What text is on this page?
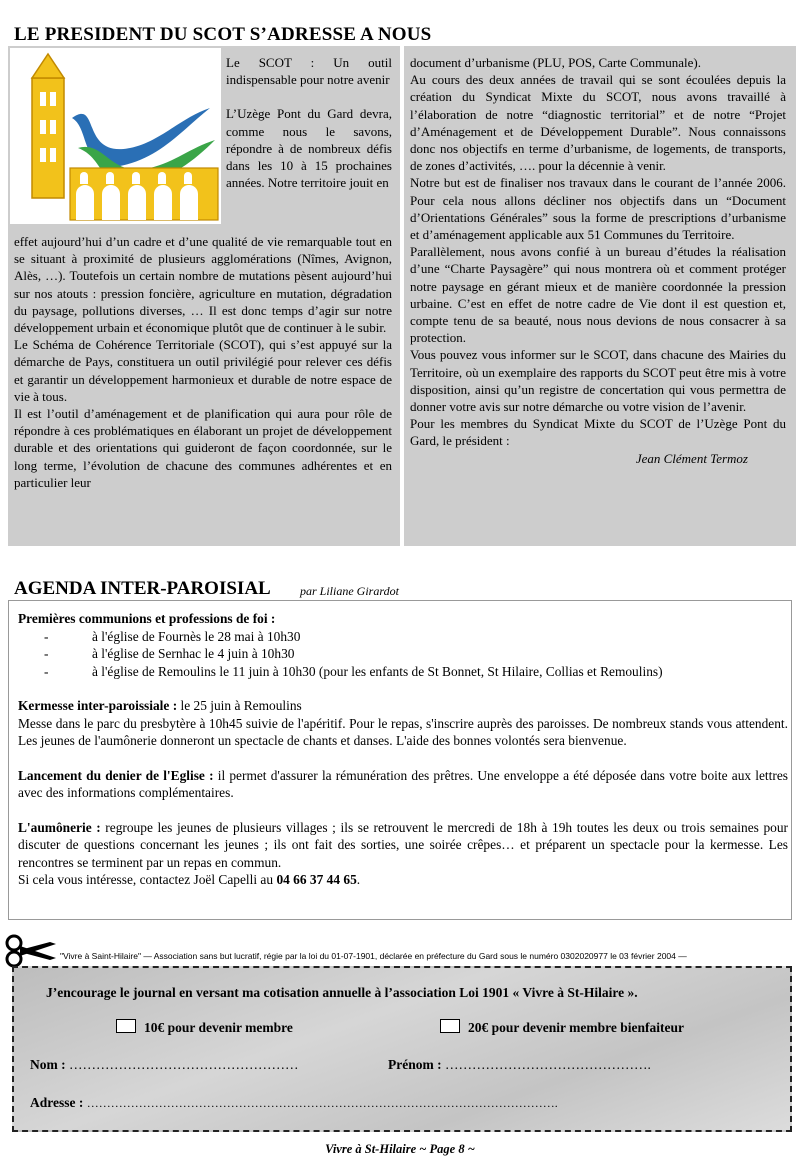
LE PRESIDENT DU SCOT S’ADRESSE A NOUS

Le SCOT : Un outil indispensable pour notre avenir

L’Uzège Pont du Gard devra, comme nous le savons, répondre à de nombreux défis dans les 10 à 15 prochaines années. Notre territoire jouit en

effet aujourd’hui d’un cadre et d’une qualité de vie remarquable tout en se situant à proximité de plusieurs agglomérations (Nîmes, Avignon, Alès, …). Toutefois un certain nombre de mutations pèsent aujourd’hui sur nos atouts : pression foncière, agriculture en mutation, dégradation du paysage, pollutions diverses, … Il est donc temps d’agir sur notre développement urbain et économique plutôt que de continuer à le subir.

Le Schéma de Cohérence Territoriale (SCOT), qui s’est appuyé sur la démarche de Pays, constituera un outil privilégié pour relever ces défis et garantir un développement harmonieux et durable de notre espace de vie à tous.

Il est l’outil d’aménagement et de planification qui aura pour rôle de répondre à ces problématiques en élaborant un projet de développement durable et des orientations qui guideront de façon coordonnée, sur le long terme, l’évolution de chacune des communes adhérentes et en particulier leur

document d’urbanisme (PLU, POS, Carte Communale).

Au cours des deux années de travail qui se sont écoulées depuis la création du Syndicat Mixte du SCOT, nous avons travaillé à l’élaboration de notre “diagnostic territorial” et de notre “Projet d’Aménagement et de Développement Durable”. Nous connaissons donc nos objectifs en terme d’urbanisme, de logements, de transports, de zones d’activités, …. pour la décennie à venir.

Notre but est de finaliser nos travaux dans le courant de l’année 2006. Pour cela nous allons décliner nos objectifs dans un “Document d’Orientations Générales” sous la forme de prescriptions d’urbanisme et d’aménagement applicable aux 51 Communes du Territoire.

Parallèlement, nous avons confié à un bureau d’études la réalisation d’une “Charte Paysagère” qui nous montrera où et comment protéger notre paysage en gérant mieux et de manière coordonnée la pression urbaine. C’est en effet de notre cadre de Vie dont il est question et, compte tenu de sa beauté, nous nous devions de nous consacrer à sa protection.

Vous pouvez vous informer sur le SCOT, dans chacune des Mairies du Territoire, où un exemplaire des rapports du SCOT peut être mis à votre disposition, ainsi qu’un registre de concertation qui vous permettra de donner votre avis sur notre démarche ou votre vision de l’avenir.

Pour les membres du Syndicat Mixte du SCOT de l’Uzège Pont du Gard, le président :

Jean Clément Termoz

AGENDA INTER-PAROISIAL par Liliane Girardot

Premières communions et professions de foi :

- à l'église de Fournès le 28 mai à 10h30

- à l'église de Sernhac le 4 juin à 10h30

- à l'église de Remoulins le 11 juin à 10h30 (pour les enfants de St Bonnet, St Hilaire, Collias et Remoulins)

Kermesse inter-paroissiale : le 25 juin à Remoulins

Messe dans le parc du presbytère à 10h45 suivie de l'apéritif. Pour le repas, s'inscrire auprès des paroisses. De nombreux stands vous attendent. Les jeunes de l'aumônerie donneront un spectacle de chants et danses. L'aide des bonnes volontés sera bienvenue.

Lancement du denier de l'Eglise : il permet d'assurer la rémunération des prêtres. Une enveloppe a été déposée dans votre boite aux lettres avec des informations complémentaires.

L'aumônerie : regroupe les jeunes de plusieurs villages ; ils se retrouvent le mercredi de 18h à 19h toutes les deux ou trois semaines pour discuter de questions concernant les jeunes ; ils ont fait des sorties, une soirée crêpes… et préparent un spectacle pour la kermesse. Les rencontres se terminent par un repas en commun.

Si cela vous intéresse, contactez Joël Capelli au 04 66 37 44 65.

"Vivre à Saint-Hilaire" — Association sans but lucratif, régie par la loi du 01-07-1901, déclarée en préfecture du Gard sous le numéro 0302020977 le 03 février 2004 —
J’encourage le journal en versant ma cotisation annuelle à l’association Loi 1901 « Vivre à St-Hilaire ».
10€ pour devenir membre	20€ pour devenir membre bienfaiteur
Nom : ……………………………………………	Prénom : ……………………………………….
Adresse : ……………………………………………………………………………………………………….
Vivre à St-Hilaire ~ Page 8 ~
